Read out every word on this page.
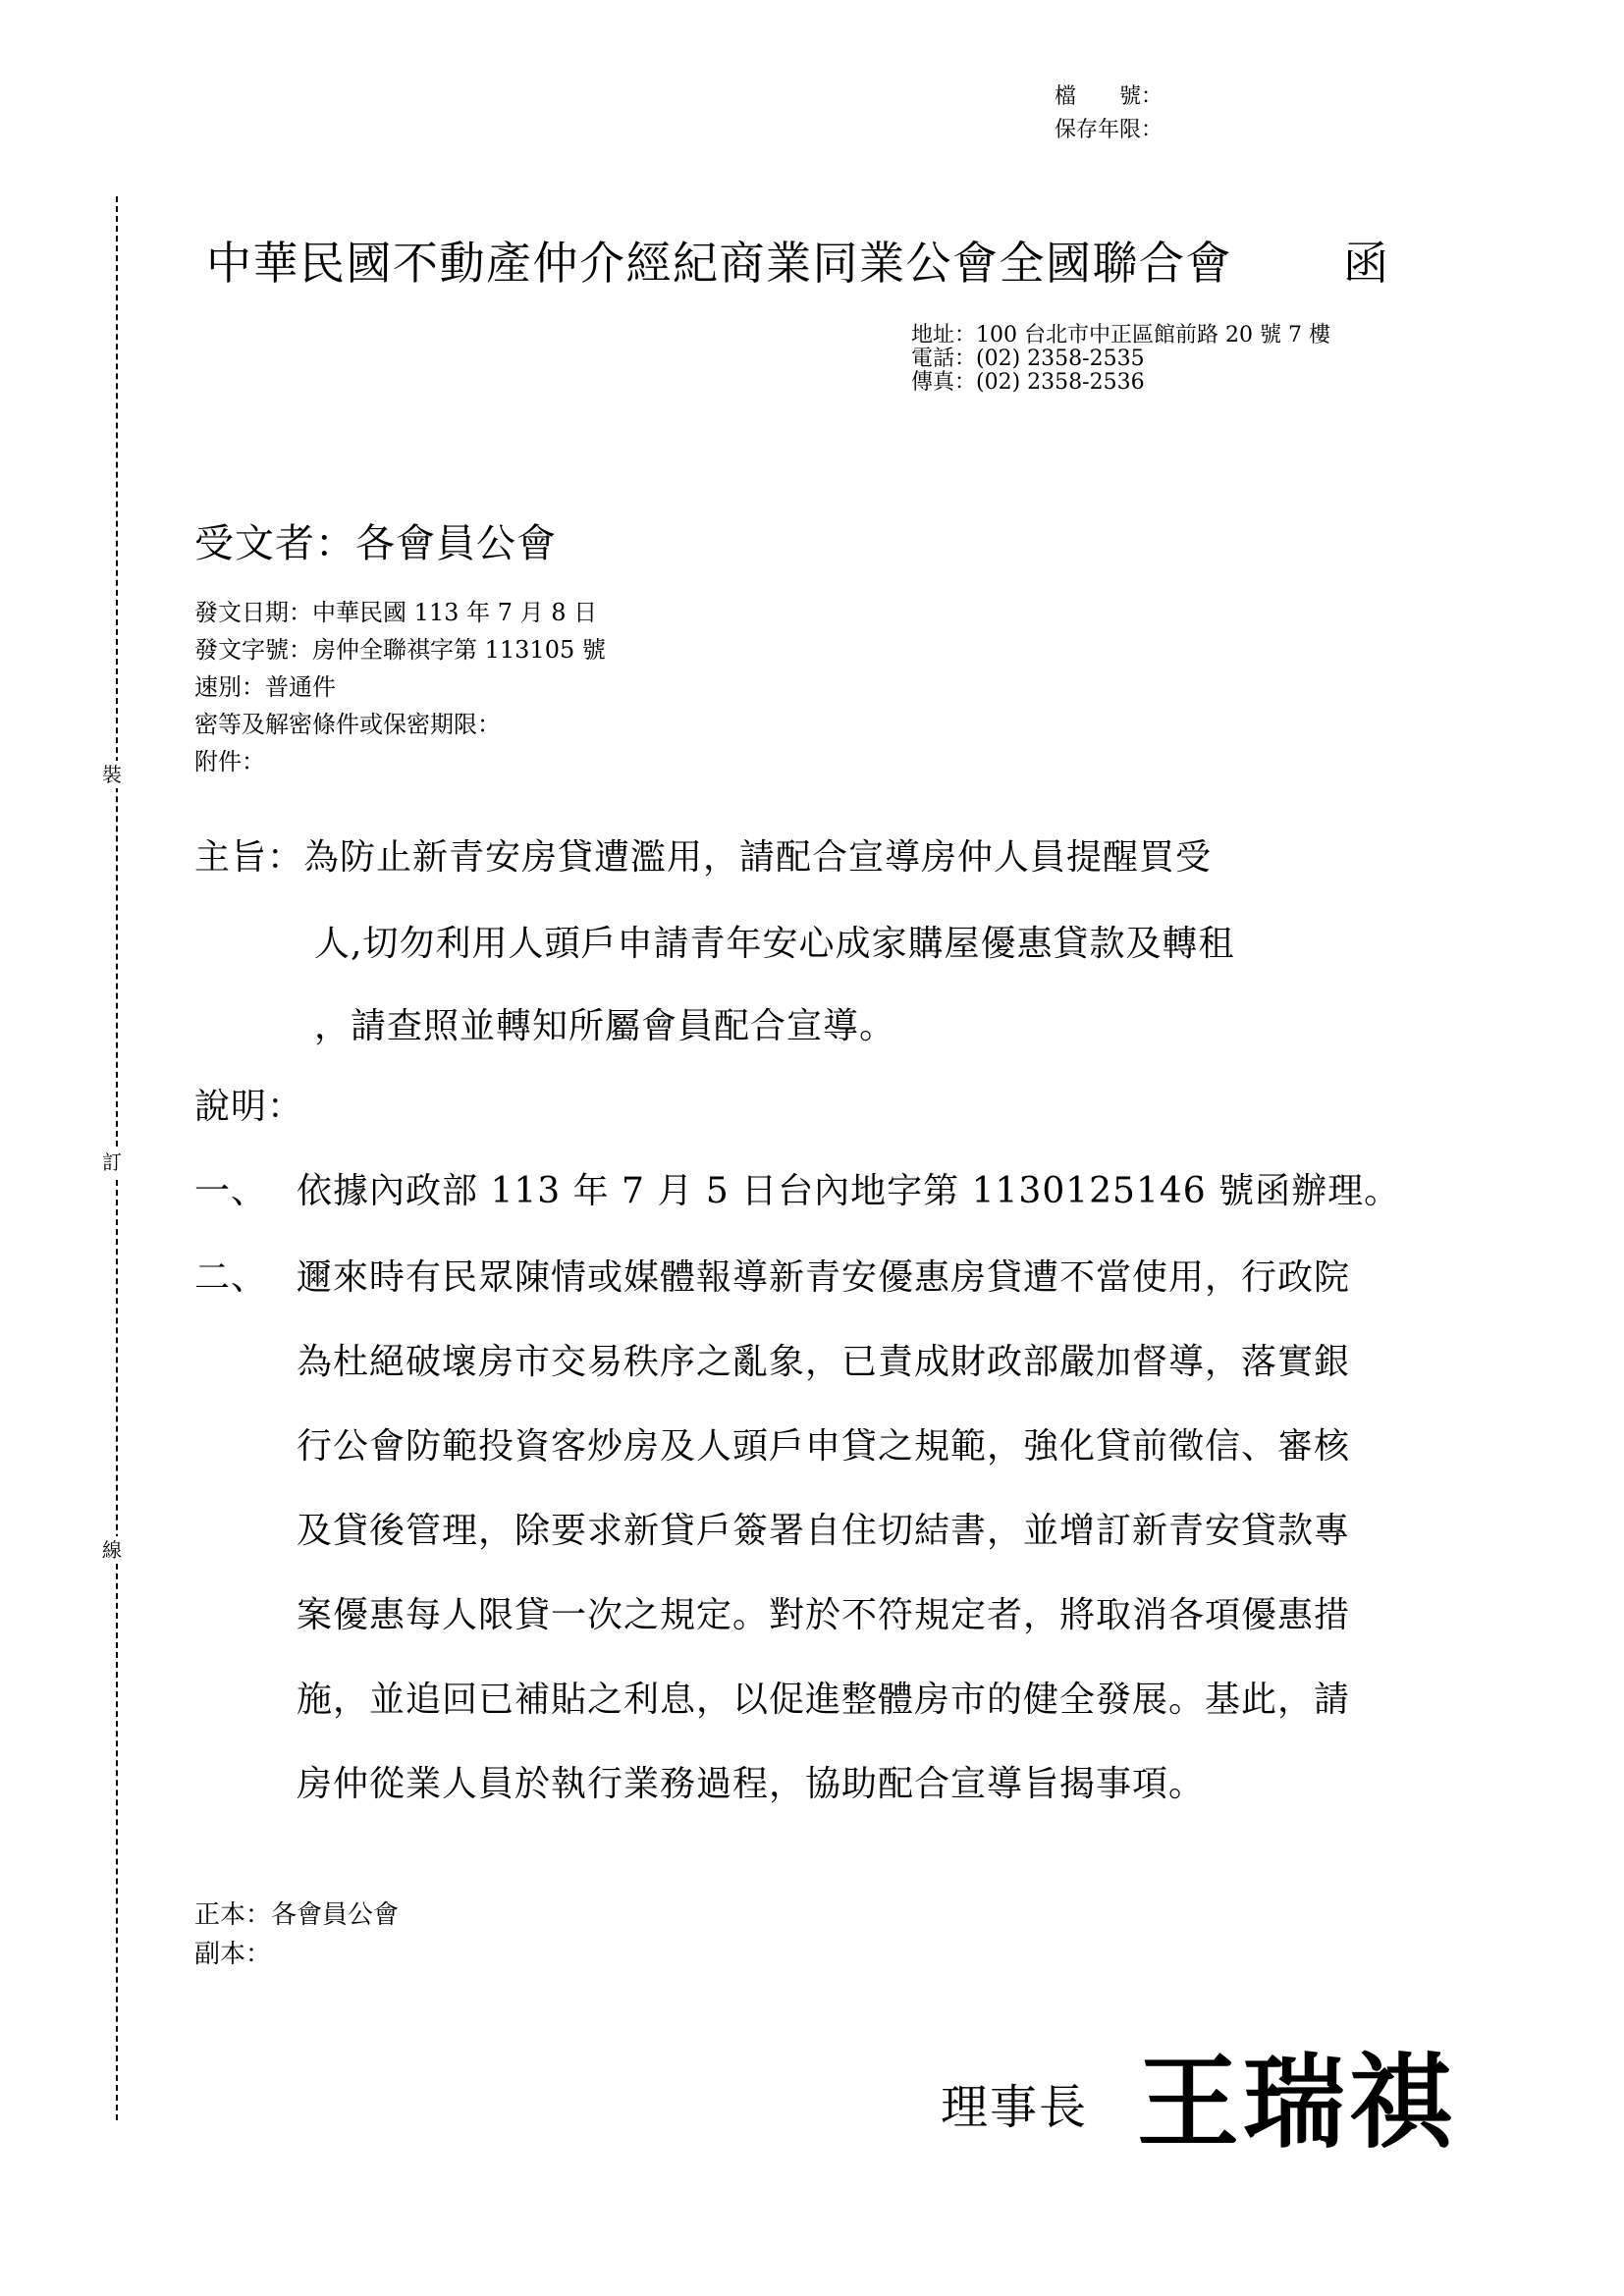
裝
訂
線
檔　　號：
保存年限：
中華民國不動產仲介經紀商業同業公會全國聯合會 函
地址：100 台北市中正區館前路 20 號 7 樓
電話：(02) 2358-2535
傳真：(02) 2358-2536
受文者：各會員公會
發文日期：中華民國 113 年 7 月 8 日
發文字號：房仲全聯祺字第 113105 號
速別：普通件
密等及解密條件或保密期限：
附件：
主旨：為防止新青安房貸遭濫用，請配合宣導房仲人員提醒買受
人,切勿利用人頭戶申請青年安心成家購屋優惠貸款及轉租
，請查照並轉知所屬會員配合宣導。
說明：
一、 依據內政部 113 年 7 月 5 日台內地字第 1130125146 號函辦理。
二、 邇來時有民眾陳情或媒體報導新青安優惠房貸遭不當使用，行政院
為杜絕破壞房市交易秩序之亂象，已責成財政部嚴加督導，落實銀
行公會防範投資客炒房及人頭戶申貸之規範，強化貸前徵信、審核
及貸後管理，除要求新貸戶簽署自住切結書，並增訂新青安貸款專
案優惠每人限貸一次之規定。對於不符規定者，將取消各項優惠措
施，並追回已補貼之利息，以促進整體房市的健全發展。基此，請
房仲從業人員於執行業務過程，協助配合宣導旨揭事項。
正本：各會員公會
副本：
理事長 王瑞祺
